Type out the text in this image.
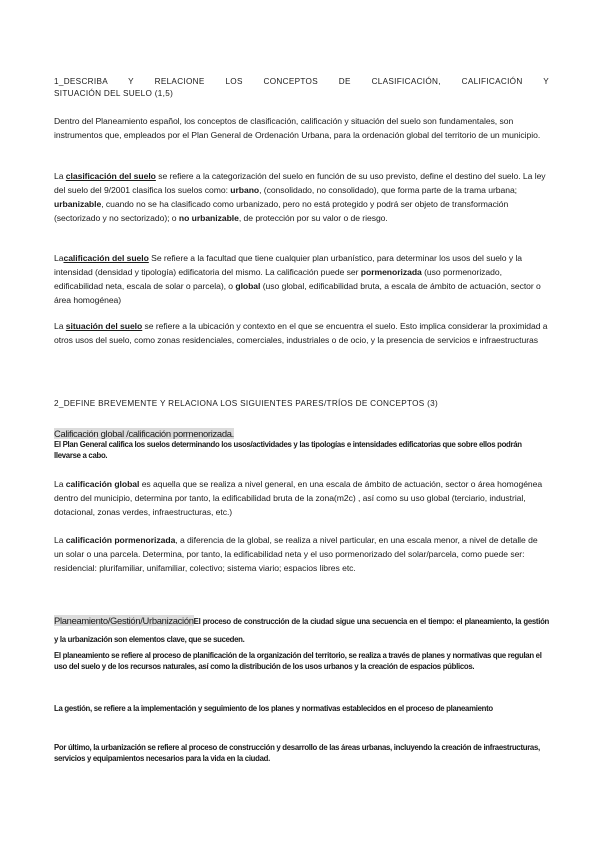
1_DESCRIBA Y RELACIONE LOS CONCEPTOS DE CLASIFICACIÓN, CALIFICACIÓN Y
SITUACIÓN DEL SUELO (1,5)
Dentro del Planeamiento español, los conceptos de clasificación, calificación y situación del suelo son fundamentales, son instrumentos que, empleados por el Plan General de Ordenación Urbana, para la ordenación global del territorio de un municipio.
La clasificación del suelo se refiere a la categorización del suelo en función de su uso previsto, define el destino del suelo. La ley del suelo del 9/2001 clasifica los suelos como: urbano, (consolidado, no consolidado), que forma parte de la trama urbana; urbanizable, cuando no se ha clasificado como urbanizado, pero no está protegido y podrá ser objeto de transformación (sectorizado y no sectorizado); o no urbanizable, de protección por su valor o de riesgo.
Lacalificación del suelo Se refiere a la facultad que tiene cualquier plan urbanístico, para determinar los usos del suelo y la intensidad (densidad y tipología) edificatoria del mismo. La calificación puede ser pormenorizada (uso pormenorizado, edificabilidad neta, escala de solar o parcela), o global (uso global, edificabilidad bruta, a escala de ámbito de actuación, sector o área homogénea)
La situación del suelo se refiere a la ubicación y contexto en el que se encuentra el suelo. Esto implica considerar la proximidad a otros usos del suelo, como zonas residenciales, comerciales, industriales o de ocio, y la presencia de servicios e infraestructuras
2_DEFINE BREVEMENTE Y RELACIONA LOS SIGUIENTES PARES/TRÍOS DE CONCEPTOS (3)
Calificación global /calificación pormenorizada.
El Plan General califica los suelos determinando los usos/actividades y las tipologías e intensidades edificatorias que sobre ellos podrán llevarse a cabo.
La calificación global es aquella que se realiza a nivel general, en una escala de ámbito de actuación, sector o área homogénea dentro del municipio, determina por tanto, la edificabilidad bruta de la zona(m2c) , así como su uso global (terciario, industrial, dotacional, zonas verdes, infraestructuras, etc.)
La calificación pormenorizada, a diferencia de la global, se realiza a nivel particular, en una escala menor, a nivel de detalle de un solar o una parcela. Determina, por tanto, la edificabilidad neta y el uso pormenorizado del solar/parcela, como puede ser: residencial: plurifamiliar, unifamiliar, colectivo; sistema viario; espacios libres etc.
Planeamiento/Gestión/UrbanizaciónEl proceso de construcción de la ciudad sigue una secuencia en el tiempo: el planeamiento, la gestión y la urbanización son elementos clave, que se suceden.
El planeamiento se refiere al proceso de planificación de la organización del territorio, se realiza a través de planes y normativas que regulan el uso del suelo y de los recursos naturales, así como la distribución de los usos urbanos y la creación de espacios públicos.
La gestión, se refiere a la implementación y seguimiento de los planes y normativas establecidos en el proceso de planeamiento
Por último, la urbanización se refiere al proceso de construcción y desarrollo de las áreas urbanas, incluyendo la creación de infraestructuras, servicios y equipamientos necesarios para la vida en la ciudad.
